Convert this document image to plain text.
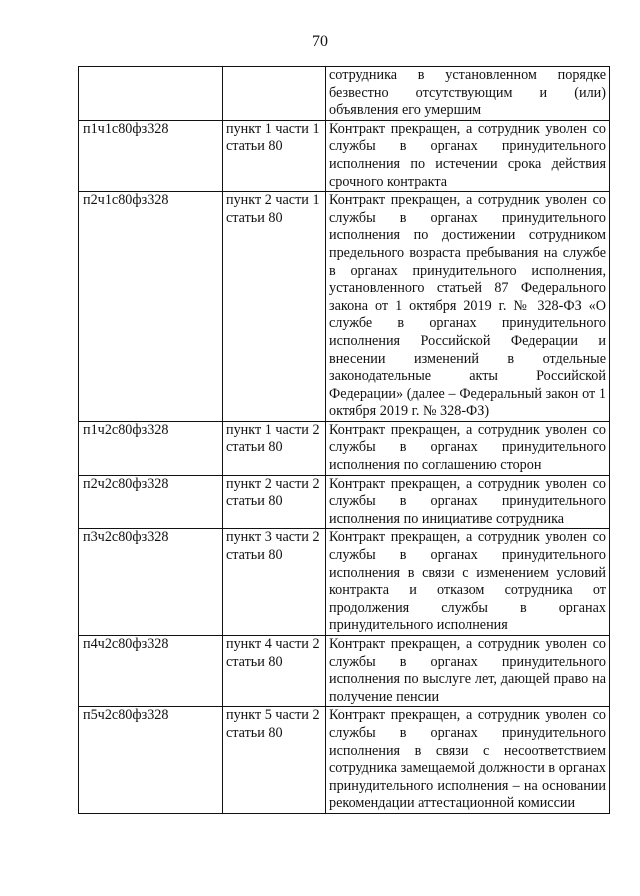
70
		сотрудника в установленном порядке безвестно отсутствующим и (или) объявления его умершим
п1ч1с80фз328	пункт 1 части 1 статьи 80	Контракт прекращен, а сотрудник уволен со службы в органах принудительного исполнения по истечении срока действия срочного контракта
п2ч1с80фз328	пункт 2 части 1 статьи 80	Контракт прекращен, а сотрудник уволен со службы в органах принудительного исполнения по достижении сотрудником предельного возраста пребывания на службе в органах принудительного исполнения, установленного статьей 87 Федерального закона от 1 октября 2019 г. № 328-ФЗ «О службе в органах принудительного исполнения Российской Федерации и внесении изменений в отдельные законодательные акты Российской Федерации» (далее – Федеральный закон от 1 октября 2019 г. № 328-ФЗ)
п1ч2с80фз328	пункт 1 части 2 статьи 80	Контракт прекращен, а сотрудник уволен со службы в органах принудительного исполнения по соглашению сторон
п2ч2с80фз328	пункт 2 части 2 статьи 80	Контракт прекращен, а сотрудник уволен со службы в органах принудительного исполнения по инициативе сотрудника
п3ч2с80фз328	пункт 3 части 2 статьи 80	Контракт прекращен, а сотрудник уволен со службы в органах принудительного исполнения в связи с изменением условий контракта и отказом сотрудника от продолжения службы в органах принудительного исполнения
п4ч2с80фз328	пункт 4 части 2 статьи 80	Контракт прекращен, а сотрудник уволен со службы в органах принудительного исполнения по выслуге лет, дающей право на получение пенсии
п5ч2с80фз328	пункт 5 части 2 статьи 80	Контракт прекращен, а сотрудник уволен со службы в органах принудительного исполнения в связи с несоответствием сотрудника замещаемой должности в органах принудительного исполнения – на основании рекомендации аттестационной комиссии
